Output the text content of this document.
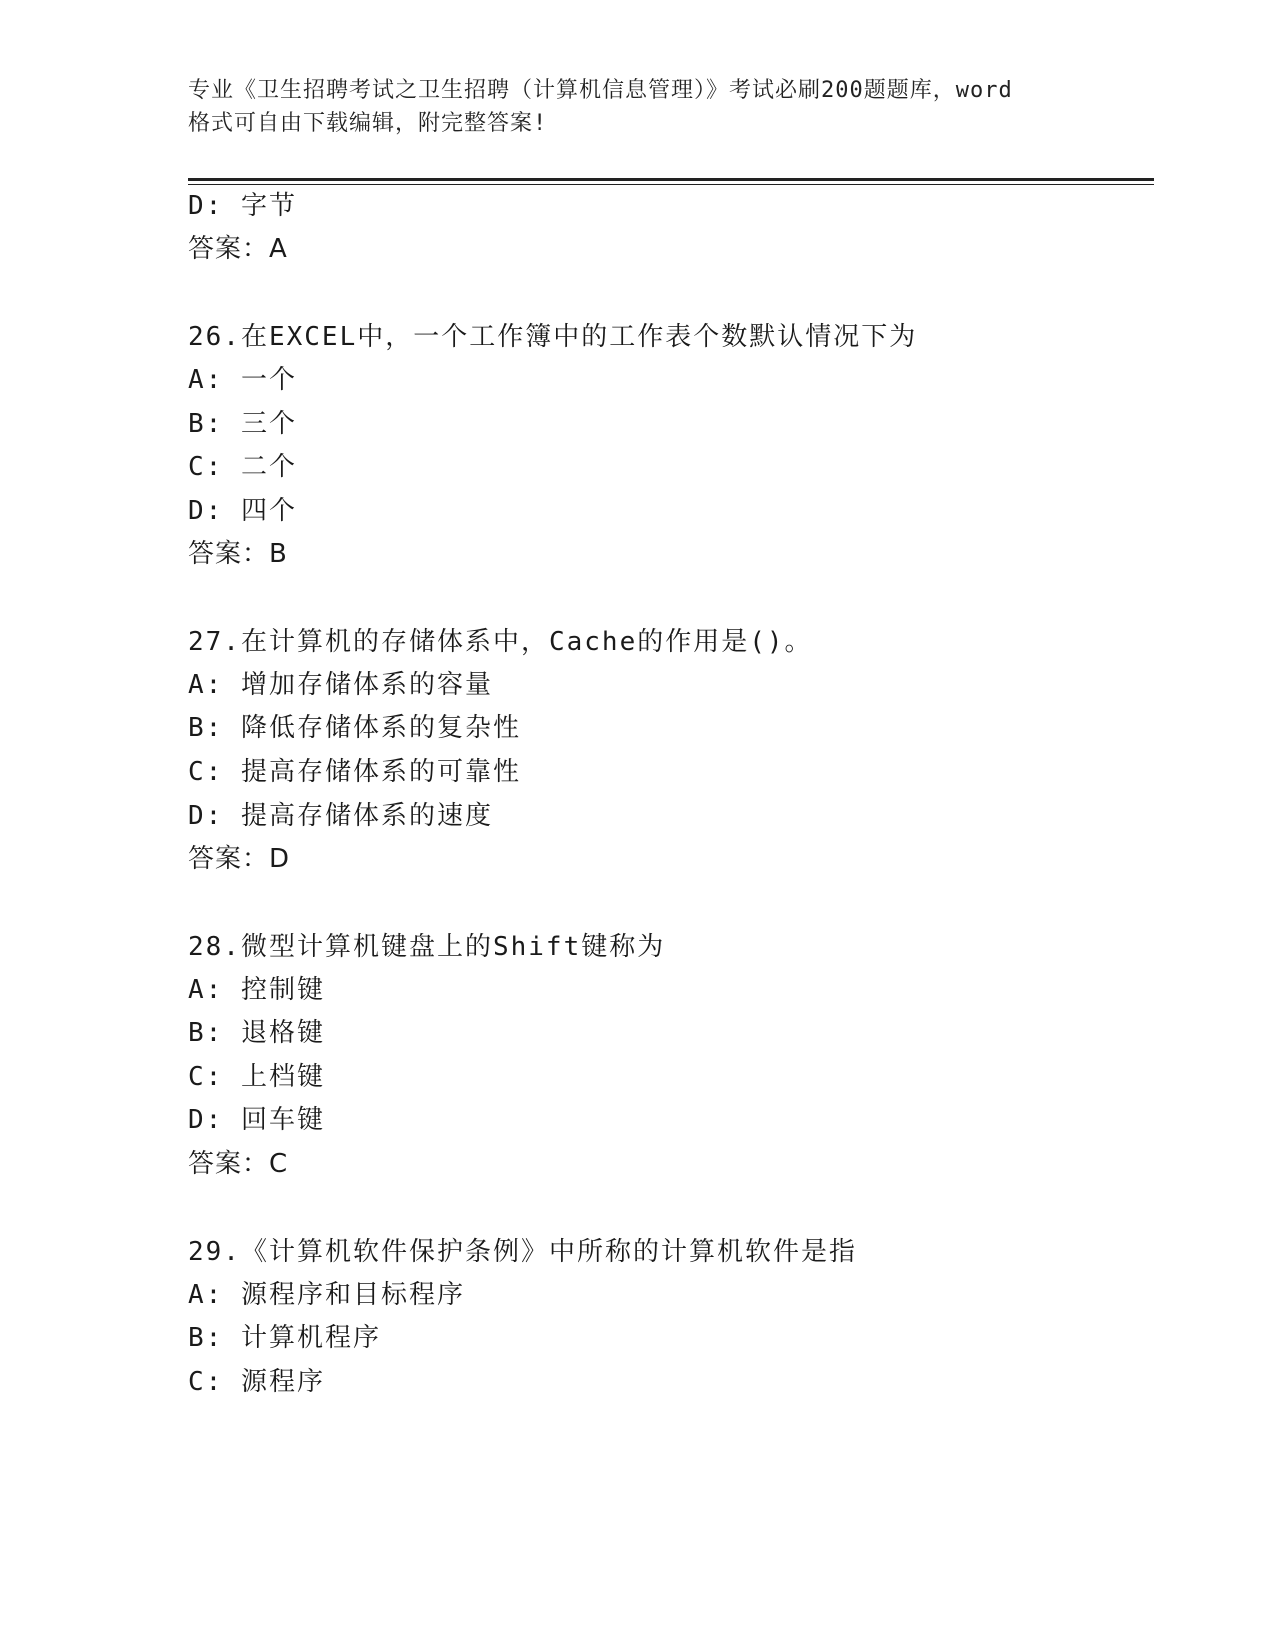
专业《卫生招聘考试之卫生招聘（计算机信息管理）》考试必刷200题题库，word
格式可自由下载编辑，附完整答案!
D: 字节
答案：A
26.在EXCEL中，一个工作簿中的工作表个数默认情况下为
A: 一个
B: 三个
C: 二个
D: 四个
答案：B
27.在计算机的存储体系中，Cache的作用是()。
A: 增加存储体系的容量
B: 降低存储体系的复杂性
C: 提高存储体系的可靠性
D: 提高存储体系的速度
答案：D
28.微型计算机键盘上的Shift键称为
A: 控制键
B: 退格键
C: 上档键
D: 回车键
答案：C
29.《计算机软件保护条例》中所称的计算机软件是指
A: 源程序和目标程序
B: 计算机程序
C: 源程序
